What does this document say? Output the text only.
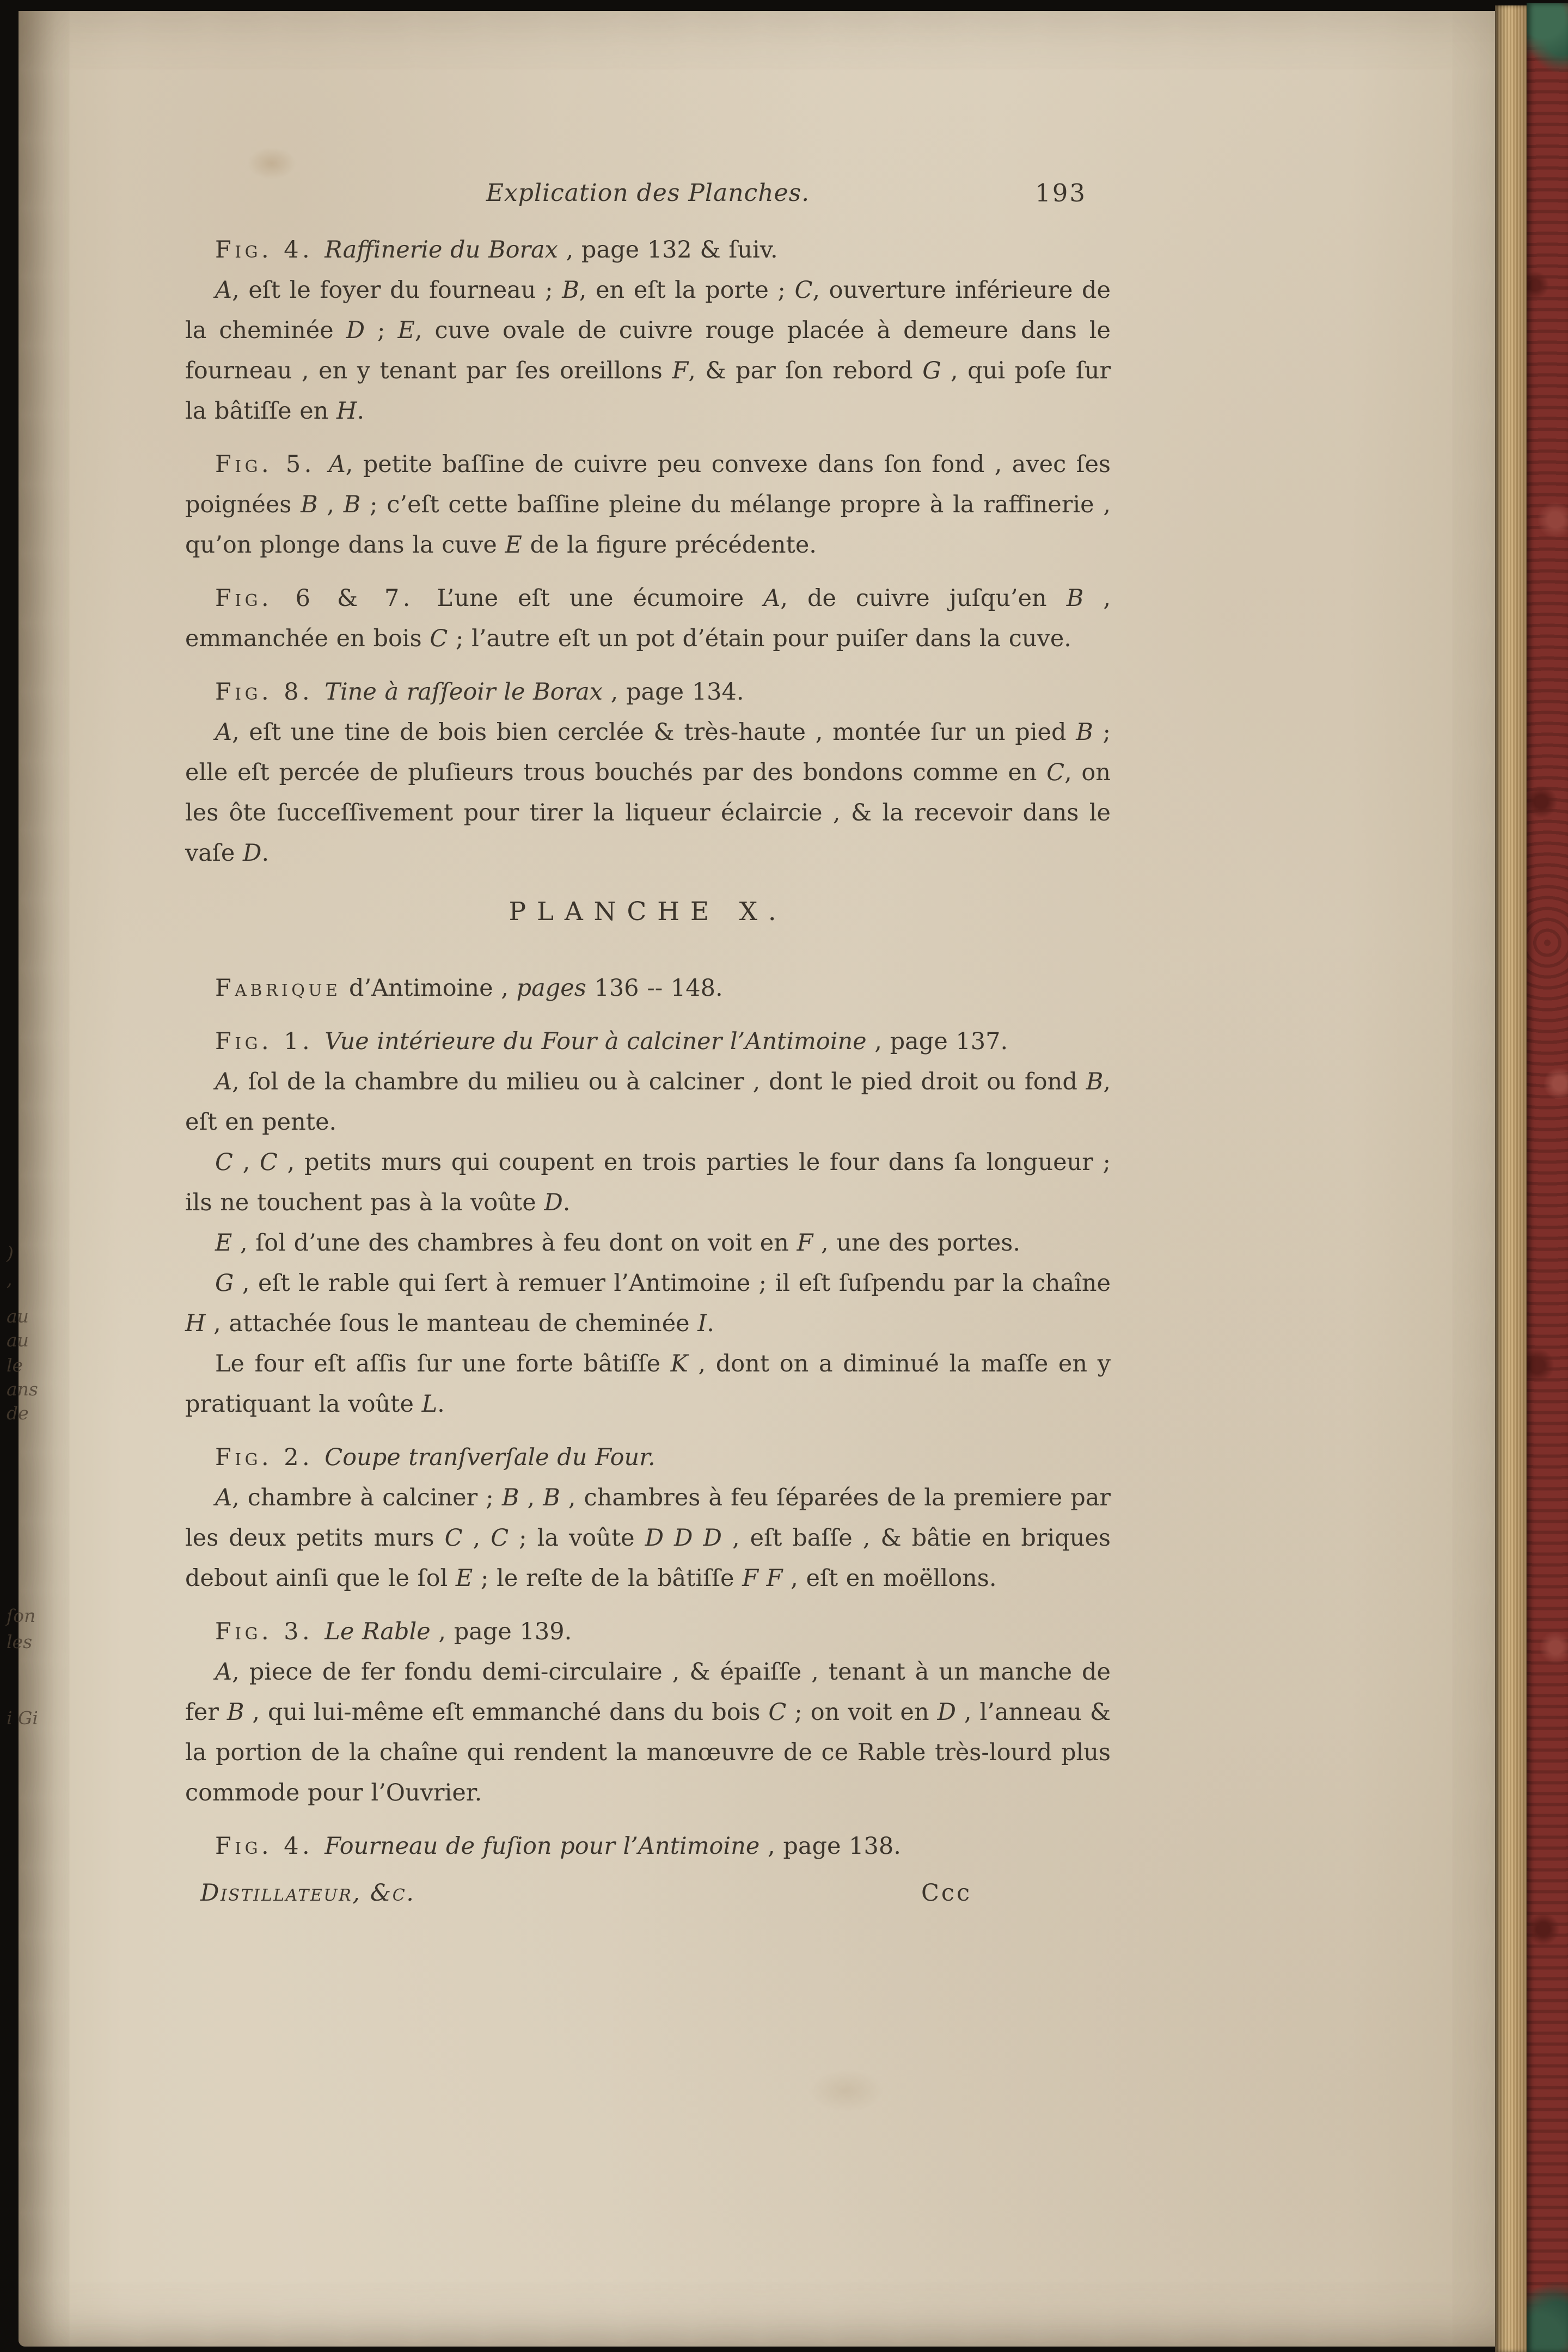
)
,
au
au
le
ans
de
ſon
les
i Gi
Explication des Planches.	193

Fig. 4. Raffinerie du Borax , page 132 & ſuiv.

A, eſt le foyer du fourneau ; B, en eſt la porte ; C, ouverture inférieure de la cheminée D ; E, cuve ovale de cuivre rouge placée à demeure dans le fourneau , en y tenant par ſes oreillons F, & par ſon rebord G , qui poſe ſur la bâtiſſe en H.

Fig. 5. A, petite baſſine de cuivre peu convexe dans ſon fond , avec ſes poignées B , B ; c’eſt cette baſſine pleine du mélange propre à la raffinerie , qu’on plonge dans la cuve E de la figure précédente.

Fig. 6 & 7. L’une eſt une écumoire A, de cuivre juſqu’en B , emmanchée en bois C ; l’autre eſt un pot d’étain pour puiſer dans la cuve.

Fig. 8. Tine à raſſeoir le Borax , page 134.

A, eſt une tine de bois bien cerclée & très-haute , montée ſur un pied B ; elle eſt percée de pluſieurs trous bouchés par des bondons comme en C, on les ôte ſucceſſivement pour tirer la liqueur éclaircie , & la recevoir dans le vaſe D.

PLANCHE X.

Fabrique d’Antimoine , pages 136 -- 148.

Fig. 1. Vue intérieure du Four à calciner l’Antimoine , page 137.

A, ſol de la chambre du milieu ou à calciner , dont le pied droit ou fond B, eſt en pente.

C , C , petits murs qui coupent en trois parties le four dans ſa longueur ; ils ne touchent pas à la voûte D.

E , ſol d’une des chambres à feu dont on voit en F , une des portes.

G , eſt le rable qui ſert à remuer l’Antimoine ; il eſt ſuſpendu par la chaîne H , attachée ſous le manteau de cheminée I.

Le four eſt aſſis ſur une forte bâtiſſe K , dont on a diminué la maſſe en y pratiquant la voûte L.

Fig. 2. Coupe tranſverſale du Four.

A, chambre à calciner ; B , B , chambres à feu ſéparées de la premiere par les deux petits murs C , C ; la voûte D D D , eſt baſſe , & bâtie en briques debout ainſi que le ſol E ; le reſte de la bâtiſſe F F , eſt en moëllons.

Fig. 3. Le Rable , page 139.

A, piece de fer fondu demi-circulaire , & épaiſſe , tenant à un manche de fer B , qui lui-même eſt emmanché dans du bois C ; on voit en D , l’anneau & la portion de la chaîne qui rendent la manœuvre de ce Rable très-lourd plus commode pour l’Ouvrier.

Fig. 4. Fourneau de fuſion pour l’Antimoine , page 138.

Distillateur, &c.	Ccc
